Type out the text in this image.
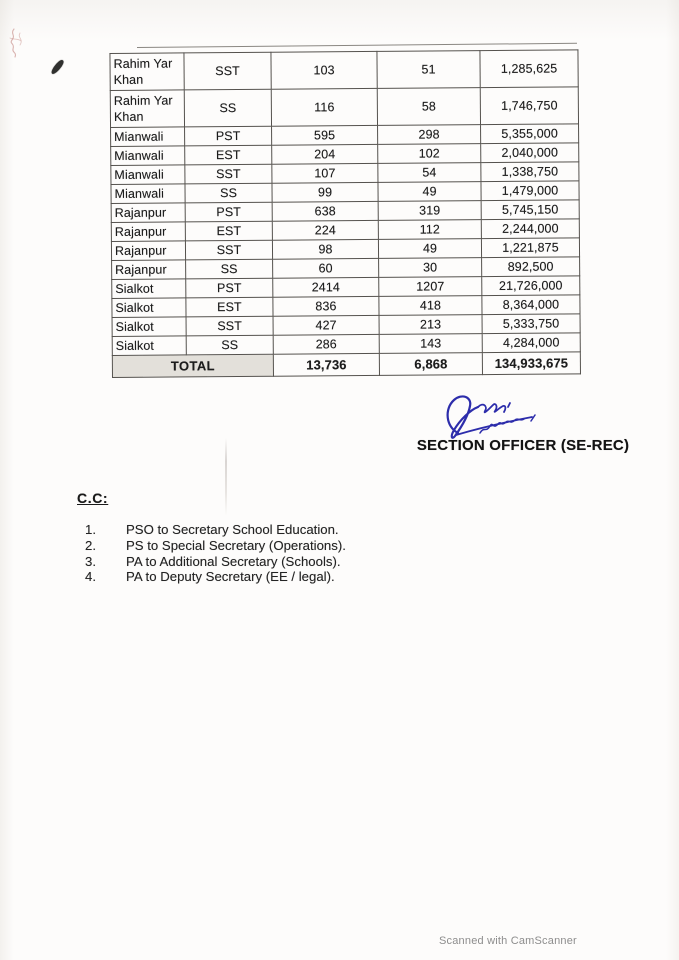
Rahim Yar Khan	SST	103	51	1,285,625
Rahim Yar Khan	SS	116	58	1,746,750
Mianwali	PST	595	298	5,355,000
Mianwali	EST	204	102	2,040,000
Mianwali	SST	107	54	1,338,750
Mianwali	SS	99	49	1,479,000
Rajanpur	PST	638	319	5,745,150
Rajanpur	EST	224	112	2,244,000
Rajanpur	SST	98	49	1,221,875
Rajanpur	SS	60	30	892,500
Sialkot	PST	2414	1207	21,726,000
Sialkot	EST	836	418	8,364,000
Sialkot	SST	427	213	5,333,750
Sialkot	SS	286	143	4,284,000
TOTAL		13,736	6,868	134,933,675
SECTION OFFICER (SE-REC)
C.C:
1.	PSO to Secretary School Education.
2.	PS to Special Secretary (Operations).
3.	PA to Additional Secretary (Schools).
4.	PA to Deputy Secretary (EE / legal).
Scanned with CamScanner
